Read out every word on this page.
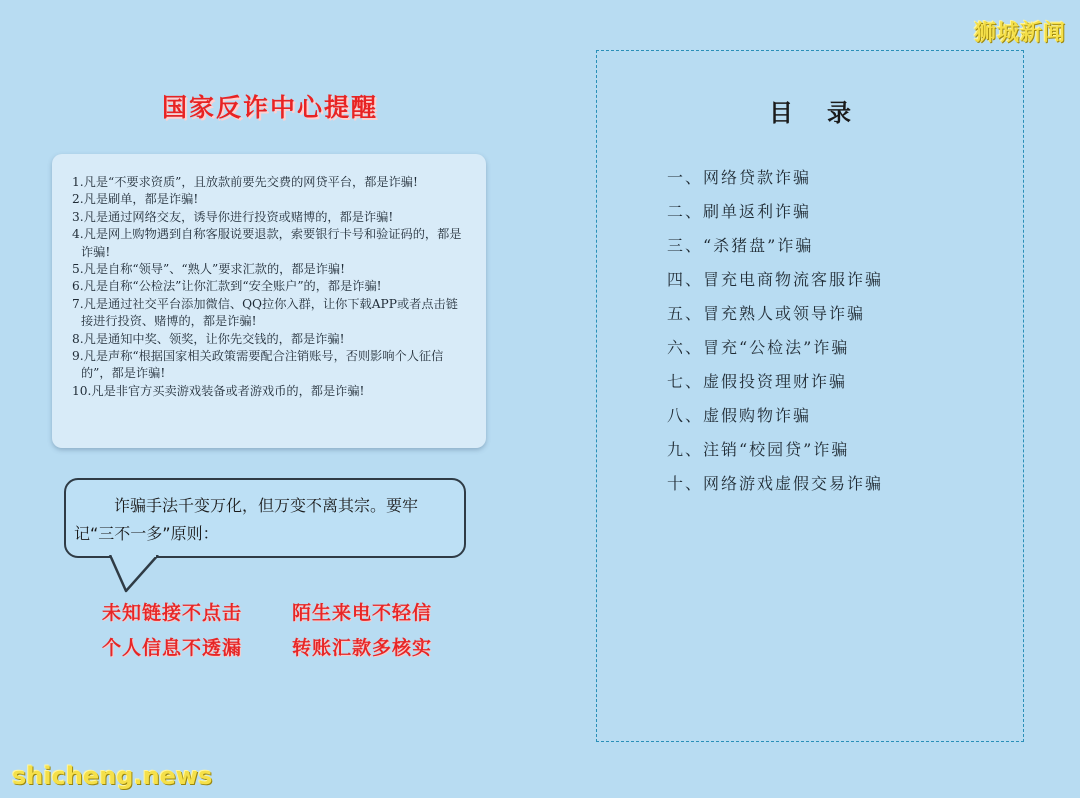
狮城新闻
国家反诈中心提醒
1.凡是“不要求资质”，且放款前要先交费的网贷平台，都是诈骗!
2.凡是刷单，都是诈骗!
3.凡是通过网络交友，诱导你进行投资或赌博的，都是诈骗!
4.凡是网上购物遇到自称客服说要退款，索要银行卡号和验证码的，都是诈骗!
5.凡是自称“领导”、“熟人”要求汇款的，都是诈骗!
6.凡是自称“公检法”让你汇款到“安全账户”的，都是诈骗!
7.凡是通过社交平台添加微信、QQ拉你入群，让你下载APP或者点击链接进行投资、赌博的，都是诈骗!
8.凡是通知中奖、领奖，让你先交钱的，都是诈骗!
9.凡是声称“根据国家相关政策需要配合注销账号，否则影响个人征信的”，都是诈骗!
10.凡是非官方买卖游戏装备或者游戏币的，都是诈骗!
诈骗手法千变万化，但万变不离其宗。要牢记“三不一多”原则：
未知链接不点击	陌生来电不轻信
个人信息不透漏	转账汇款多核实
目录
一、网络贷款诈骗
二、刷单返利诈骗
三、“杀猪盘”诈骗
四、冒充电商物流客服诈骗
五、冒充熟人或领导诈骗
六、冒充“公检法”诈骗
七、虚假投资理财诈骗
八、虚假购物诈骗
九、注销“校园贷”诈骗
十、网络游戏虚假交易诈骗
shicheng.news
